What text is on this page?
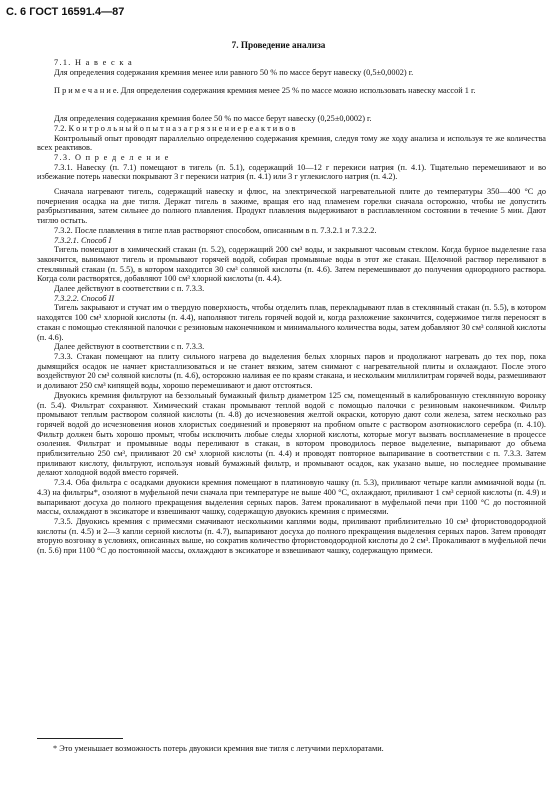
С. 6 ГОСТ 16591.4—87
7. Проведение анализа

7.1. Н а в е с к а

Для определения содержания кремния менее или равного 50 % по массе берут навеску (0,5±0,0002) г.

П р и м е ч а н и е. Для определения содержания кремния менее 25 % по массе можно использовать навеску массой 1 г.

Для определения содержания кремния более 50 % по массе берут навеску (0,25±0,0002) г.

7.2. К о н т р о л ь н ы й о п ы т н а з а г р я з н е н и е р е а к т и в о в

Контрольный опыт проводят параллельно определению содержания кремния, следуя тому же ходу анализа и используя те же количества всех реактивов.

7.3. О п р е д е л е н и е

7.3.1. Навеску (п. 7.1) помещают в тигель (п. 5.1), содержащий 10—12 г перекиси натрия (п. 4.1). Тщательно перемешивают и во избежание потерь навески покрывают 3 г перекиси натрия (п. 4.1) или 3 г углекислого натрия (п. 4.2).

Сначала нагревают тигель, содержащий навеску и флюс, на электрической нагревательной плите до температуры 350—400 °С до почернения осадка на дне тигля. Держат тигель в зажиме, вращая его над пламенем горелки сначала осторожно, чтобы не допустить разбрызгивания, затем сильнее до полного плавления. Продукт плавления выдерживают в расплавленном состоянии в течение 5 мин. Дают тиглю остыть.

7.3.2. После плавления в тигле плав растворяют способом, описанным в п. 7.3.2.1 и 7.3.2.2.

7.3.2.1. Способ I

Тигель помещают в химический стакан (п. 5.2), содержащий 200 см³ воды, и закрывают часовым стеклом. Когда бурное выделение газа закончится, вынимают тигель и промывают горячей водой, собирая промывные воды в этот же стакан. Щелочной раствор переливают в стеклянный стакан (п. 5.5), в котором находится 30 см³ соляной кислоты (п. 4.6). Затем перемешивают до получения однородного раствора. Когда соли растворятся, добавляют 100 см³ хлорной кислоты (п. 4.4).

Далее действуют в соответствии с п. 7.3.3.

7.3.2.2. Способ II

Тигель закрывают и стучат им о твердую поверхность, чтобы отделить плав, перекладывают плав в стеклянный стакан (п. 5.5), в котором находятся 100 см³ хлорной кислоты (п. 4.4), наполняют тигель горячей водой и, когда разложение закончится, содержимое тигля переносят в стакан с помощью стеклянной палочки с резиновым наконечником и минимального количества воды, затем добавляют 30 см³ соляной кислоты (п. 4.6).

Далее действуют в соответствии с п. 7.3.3.

7.3.3. Стакан помещают на плиту сильного нагрева до выделения белых хлорных паров и продолжают нагревать до тех пор, пока дымящийся осадок не начнет кристаллизоваться и не станет вязким, затем снимают с нагревательной плиты и охлаждают. После этого воздействуют 20 см³ соляной кислоты (п. 4.6), осторожно наливая ее по краям стакана, и нескольким миллилитрам горячей воды, размешивают и доливают 250 см³ кипящей воды, хорошо перемешивают и дают отстояться.

Двуокись кремния фильтруют на беззольный бумажный фильтр диаметром 125 см, помещенный в калиброванную стеклянную воронку (п. 5.4). Фильтрат сохраняют. Химический стакан промывают теплой водой с помощью палочки с резиновым наконечником. Фильтр промывают теплым раствором соляной кислоты (п. 4.8) до исчезновения желтой окраски, которую дают соли железа, затем несколько раз горячей водой до исчезновения ионов хлористых соединений и проверяют на пробном опыте с раствором азотнокислого серебра (п. 4.10). Фильтр должен быть хорошо промыт, чтобы исключить любые следы хлорной кислоты, которые могут вызвать воспламенение в процессе озоления. Фильтрат и промывные воды переливают в стакан, в котором проводилось первое выделение, выпаривают до объема приблизительно 250 см³, приливают 20 см³ хлорной кислоты (п. 4.4) и проводят повторное выпаривание в соответствии с п. 7.3.3. Затем приливают кислоту, фильтруют, используя новый бумажный фильтр, и промывают осадок, как указано выше, но последнее промывание делают холодной водой вместо горячей.

7.3.4. Оба фильтра с осадками двуокиси кремния помещают в платиновую чашку (п. 5.3), приливают четыре капли аммиачной воды (п. 4.3) на фильтры*, озоляют в муфельной печи сначала при температуре не выше 400 °С, охлаждают, приливают 1 см³ серной кислоты (п. 4.9) и выпаривают досуха до полного прекращения выделения серных паров. Затем прокаливают в муфельной печи при 1100 °С до постоянной массы, охлаждают в эксикаторе и взвешивают чашку, содержащую двуокись кремния с примесями.

7.3.5. Двуокись кремния с примесями смачивают несколькими каплями воды, приливают приблизительно 10 см³ фтористоводородной кислоты (п. 4.5) и 2—3 капли серной кислоты (п. 4.7), выпаривают досуха до полного прекращения выделения серных паров. Затем проводят вторую возгонку в условиях, описанных выше, но сократив количество фтористоводородной кислоты до 2 см³. Прокаливают в муфельной печи (п. 5.6) при 1100 °С до постоянной массы, охлаждают в эксикаторе и взвешивают чашку, содержащую примеси.

* Это уменьшает возможность потерь двуокиси кремния вне тигля с летучими перхлоратами.
